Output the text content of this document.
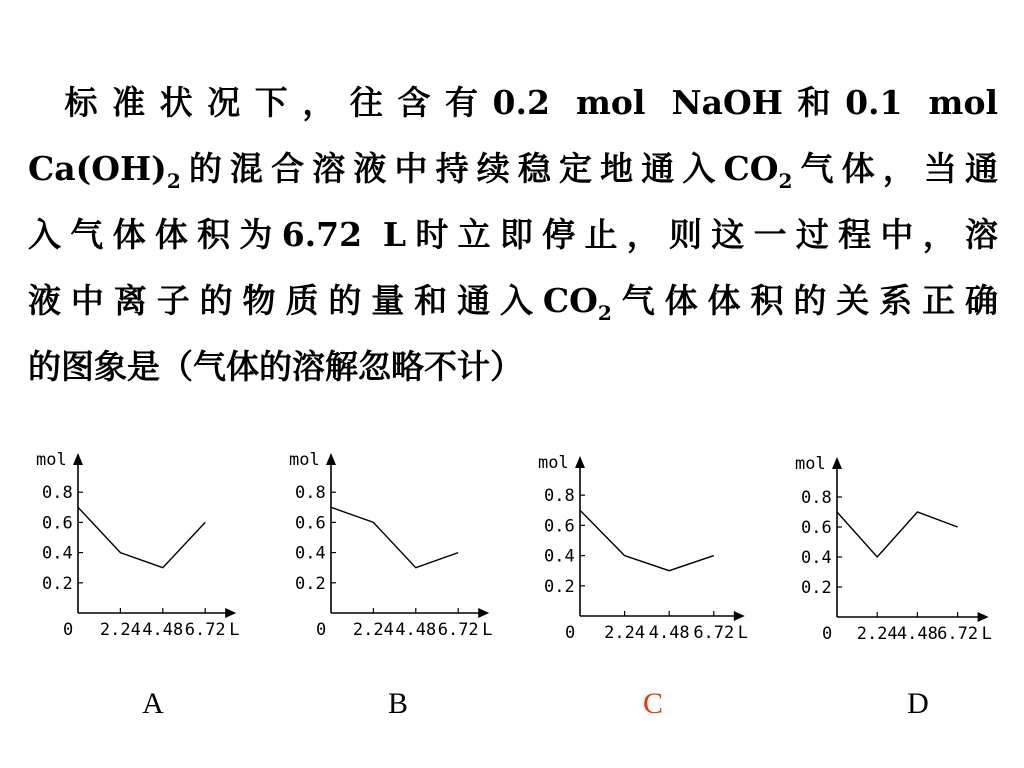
标准状况下，往含有0.2 mol NaOH和0.1 mol
$Ca(OH)_2$的混合溶液中持续稳定地通入$CO_2$气体，当通
入气体体积为6.72 L时立即停止，则这一过程中，溶
液中离子的物质的量和通入$CO_2$气体体积的关系正确
的图象是（气体的溶解忽略不计）
mol
0
0.2
0.4
0.6
0.8
2.24 4.48 6.72 L
A
mol
0
0.2
0.4
0.6
0.8
2.24 4.48 6.72 L
B
mol
0
0.2
0.4
0.6
0.8
2.24 4.48 6.72 L
C
mol
0
0.2
0.4
0.6
0.8
2.24 4.48 6.72 L
D
